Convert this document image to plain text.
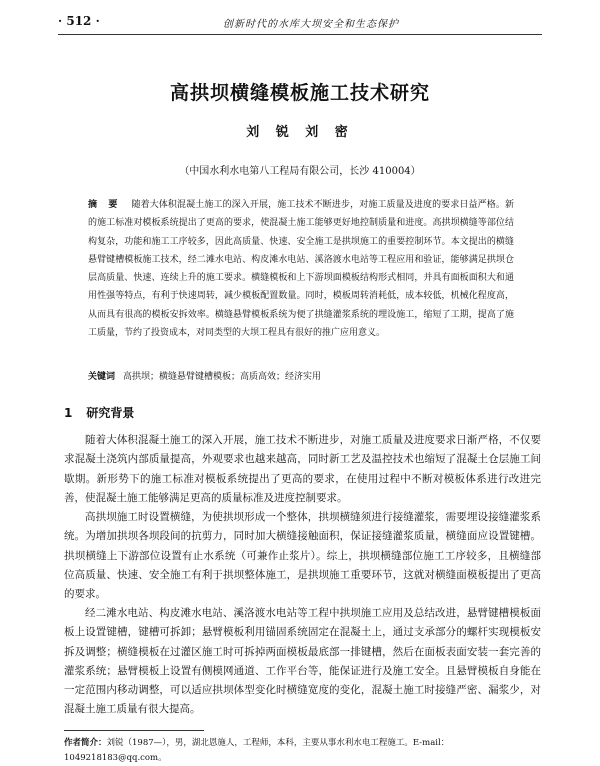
· 512 ·	创新时代的水库大坝安全和生态保护
高拱坝横缝模板施工技术研究
刘 锐 刘 密
（中国水利水电第八工程局有限公司，长沙 410004）

摘 要 随着大体积混凝土施工的深入开展，施工技术不断进步，对施工质量及进度的要求日益严格。新的施工标准对模板系统提出了更高的要求，使混凝土施工能够更好地控制质量和进度。高拱坝横缝等部位结构复杂，功能和施工工序较多，因此高质量、快速、安全施工是拱坝施工的重要控制环节。本文提出的横缝悬臂键槽模板施工技术，经二滩水电站、构皮滩水电站、溪洛渡水电站等工程应用和验证，能够满足拱坝仓层高质量、快速、连续上升的施工要求。横缝模板和上下游坝面模板结构形式相同，并具有面板面积大和通用性强等特点，有利于快速周转，减少模板配置数量。同时，模板周转消耗低，成本较低，机械化程度高，从而具有很高的模板安拆效率。横缝悬臂模板系统为便了拱缝灌浆系统的埋设施工，缩短了工期，提高了施工质量，节约了投资成本，对同类型的大坝工程具有很好的推广应用意义。

关键词 高拱坝；横缝悬臂键槽模板；高质高效；经济实用

1 研究背景

随着大体积混凝土施工的深入开展，施工技术不断进步，对施工质量及进度要求日渐严格，不仅要求混凝土浇筑内部质量提高，外观要求也越来越高，同时新工艺及温控技术也缩短了混凝土仓层施工间歇期。新形势下的施工标准对模板系统提出了更高的要求，在使用过程中不断对模板体系进行改进完善，使混凝土施工能够满足更高的质量标准及进度控制要求。

高拱坝施工时设置横缝，为使拱坝形成一个整体，拱坝横缝须进行接缝灌浆，需要埋设接缝灌浆系统。为增加拱坝各坝段间的抗剪力，同时加大横缝接触面积，保证接缝灌浆质量，横缝面应设置键槽。拱坝横缝上下游部位设置有止水系统（可兼作止浆片）。综上，拱坝横缝部位施工工序较多，且横缝部位高质量、快速、安全施工有利于拱坝整体施工，是拱坝施工重要环节，这就对横缝面模板提出了更高的要求。

经二滩水电站、构皮滩水电站、溪洛渡水电站等工程中拱坝施工应用及总结改进，悬臂键槽模板面板上设置键槽，键槽可拆卸；悬臂模板利用锚固系统固定在混凝土上，通过支承部分的螺杆实现模板安拆及调整；横缝模板在过灌区施工时可拆掉两面模板最底部一排键槽，然后在面板表面安装一套完善的灌浆系统；悬臂模板上设置有侧模网通道、工作平台等，能保证进行及施工安全。且悬臂模板自身能在一定范围内移动调整，可以适应拱坝体型变化时横缝宽度的变化，混凝土施工时接缝严密、漏浆少，对混凝土施工质量有很大提高。

作者简介：刘锐（1987—），男，湖北恩施人，工程师，本科，主要从事水利水电工程施工。E-mail：1049218183@qq.com。
